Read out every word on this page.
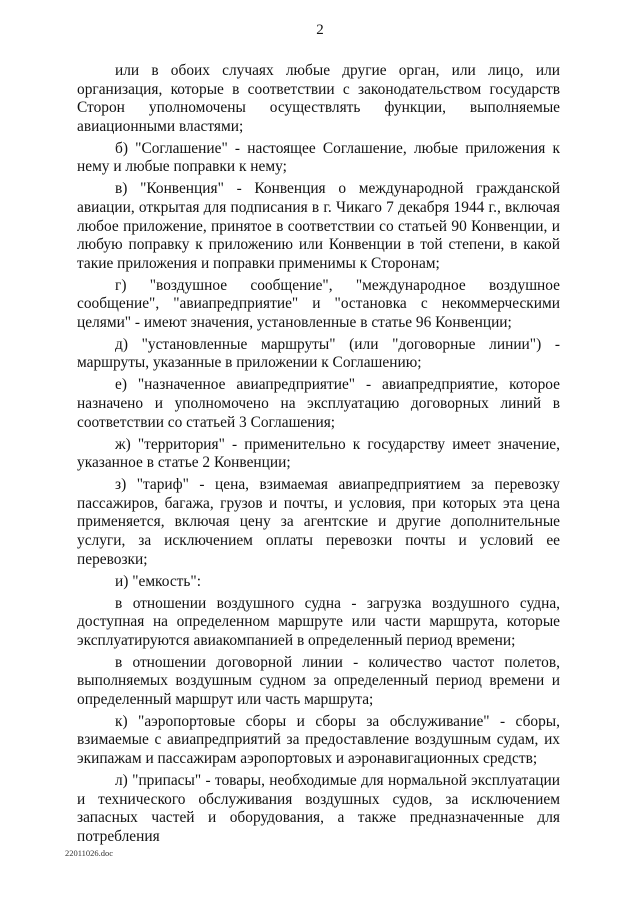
2

или в обоих случаях любые другие орган, или лицо, или организация, которые в соответствии с законодательством государств Сторон уполномочены осуществлять функции, выполняемые авиационными властями;

б) "Соглашение" - настоящее Соглашение, любые приложения к нему и любые поправки к нему;

в) "Конвенция" - Конвенция о международной гражданской авиации, открытая для подписания в г. Чикаго 7 декабря 1944 г., включая любое приложение, принятое в соответствии со статьей 90 Конвенции, и любую поправку к приложению или Конвенции в той степени, в какой такие приложения и поправки применимы к Сторонам;

г) "воздушное сообщение", "международное воздушное сообщение", "авиапредприятие" и "остановка с некоммерческими целями" - имеют значения, установленные в статье 96 Конвенции;

д) "установленные маршруты" (или "договорные линии") - маршруты, указанные в приложении к Соглашению;

е) "назначенное авиапредприятие" - авиапредприятие, которое назначено и уполномочено на эксплуатацию договорных линий в соответствии со статьей 3 Соглашения;

ж) "территория" - применительно к государству имеет значение, указанное в статье 2 Конвенции;

з) "тариф" - цена, взимаемая авиапредприятием за перевозку пассажиров, багажа, грузов и почты, и условия, при которых эта цена применяется, включая цену за агентские и другие дополнительные услуги, за исключением оплаты перевозки почты и условий ее перевозки;

и) "емкость":

в отношении воздушного судна - загрузка воздушного судна, доступная на определенном маршруте или части маршрута, которые эксплуатируются авиакомпанией в определенный период времени;

в отношении договорной линии - количество частот полетов, выполняемых воздушным судном за определенный период времени и определенный маршрут или часть маршрута;

к) "аэропортовые сборы и сборы за обслуживание" - сборы, взимаемые с авиапредприятий за предоставление воздушным судам, их экипажам и пассажирам аэропортовых и аэронавигационных средств;

л) "припасы" - товары, необходимые для нормальной эксплуатации и технического обслуживания воздушных судов, за исключением запасных частей и оборудования, а также предназначенные для потребления

22011026.doc
